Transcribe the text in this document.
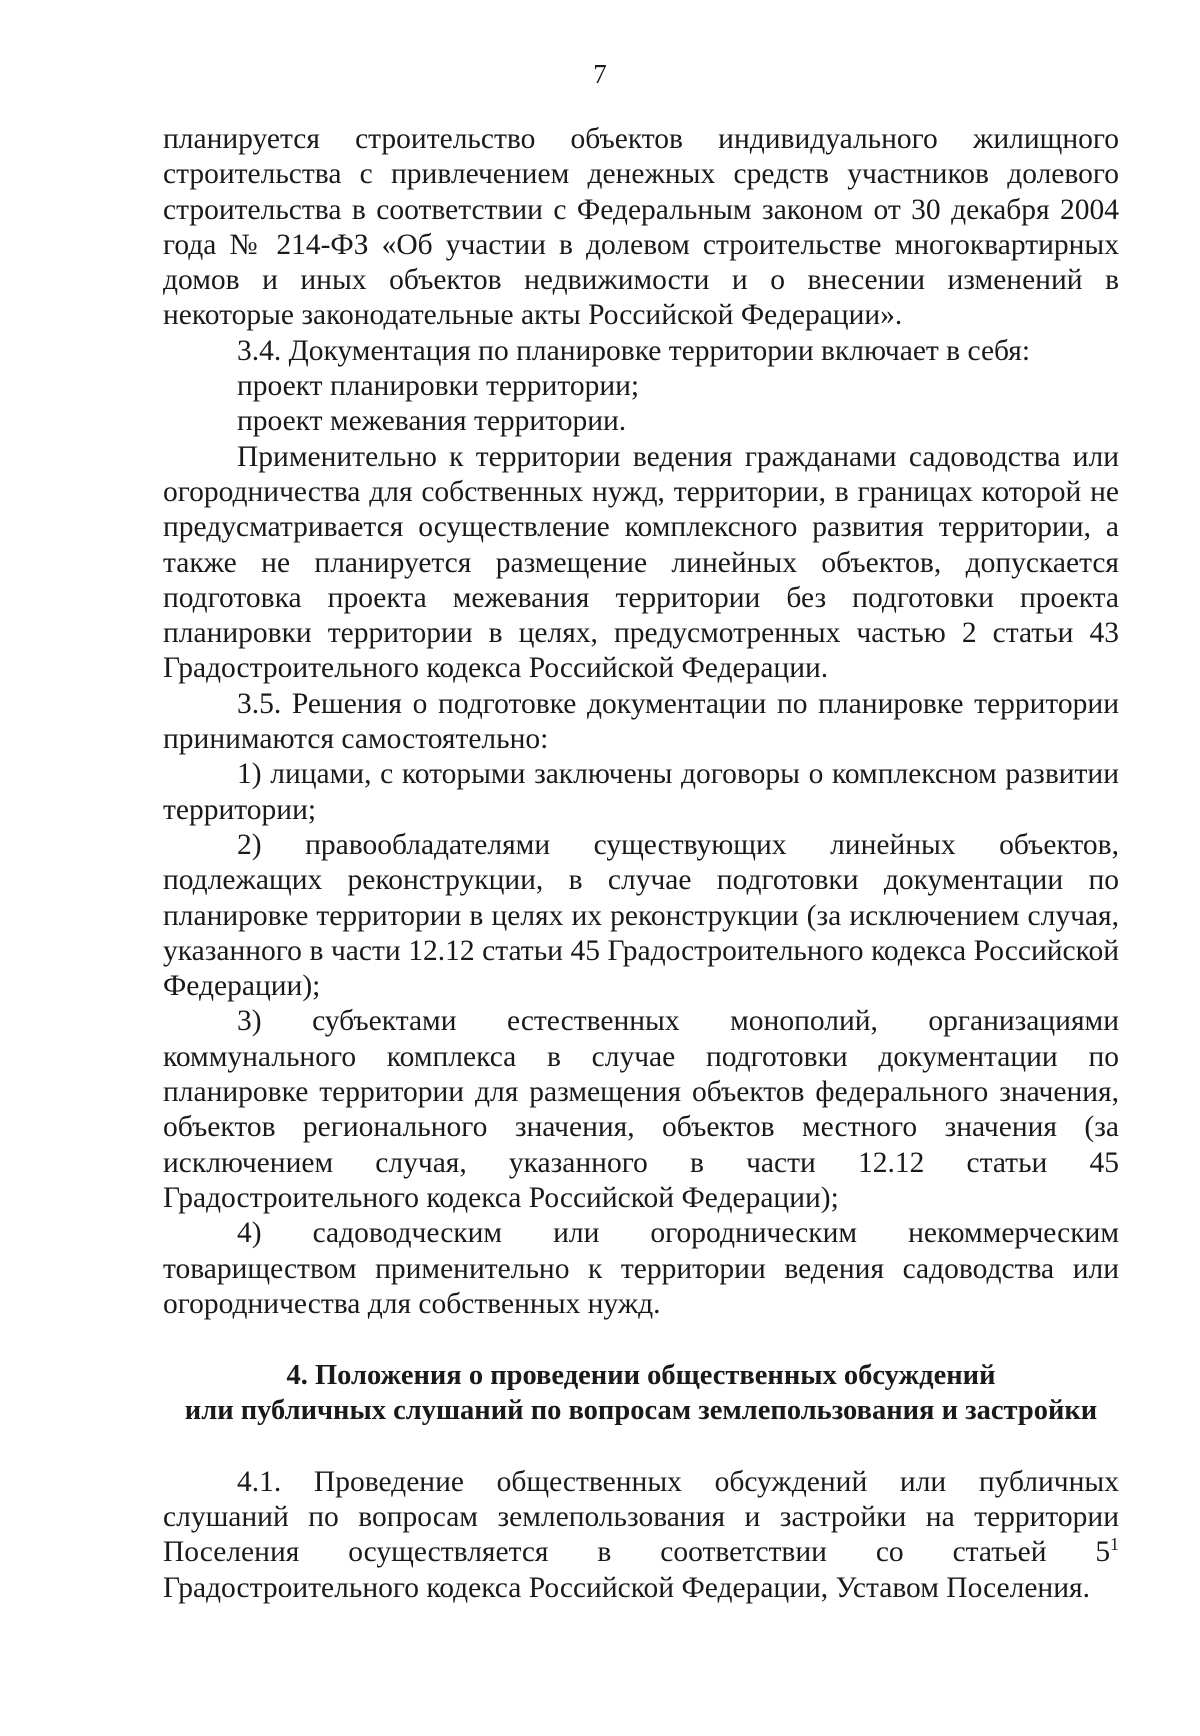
7

планируется строительство объектов индивидуального жилищного строительства с привлечением денежных средств участников долевого строительства в соответствии с Федеральным законом от 30 декабря 2004 года № 214-ФЗ «Об участии в долевом строительстве многоквартирных домов и иных объектов недвижимости и о внесении изменений в некоторые законодательные акты Российской Федерации».

3.4. Документация по планировке территории включает в себя:

проект планировки территории;

проект межевания территории.

Применительно к территории ведения гражданами садоводства или огородничества для собственных нужд, территории, в границах которой не предусматривается осуществление комплексного развития территории, а также не планируется размещение линейных объектов, допускается подготовка проекта межевания территории без подготовки проекта планировки территории в целях, предусмотренных частью 2 статьи 43 Градостроительного кодекса Российской Федерации.

3.5. Решения о подготовке документации по планировке территории принимаются самостоятельно:

1) лицами, с которыми заключены договоры о комплексном развитии территории;

2) правообладателями существующих линейных объектов, подлежащих реконструкции, в случае подготовки документации по планировке территории в целях их реконструкции (за исключением случая, указанного в части 12.12 статьи 45 Градостроительного кодекса Российской Федерации);

3) субъектами естественных монополий, организациями коммунального комплекса в случае подготовки документации по планировке территории для размещения объектов федерального значения, объектов регионального значения, объектов местного значения (за исключением случая, указанного в части 12.12 статьи 45 Градостроительного кодекса Российской Федерации);

4) садоводческим или огородническим некоммерческим товариществом применительно к территории ведения садоводства или огородничества для собственных нужд.

4. Положения о проведении общественных обсуждений
или публичных слушаний по вопросам землепользования и застройки

4.1. Проведение общественных обсуждений или публичных слушаний по вопросам землепользования и застройки на территории Поселения осуществляется в соответствии со статьей $5^1$ Градостроительного кодекса Российской Федерации, Уставом Поселения.
